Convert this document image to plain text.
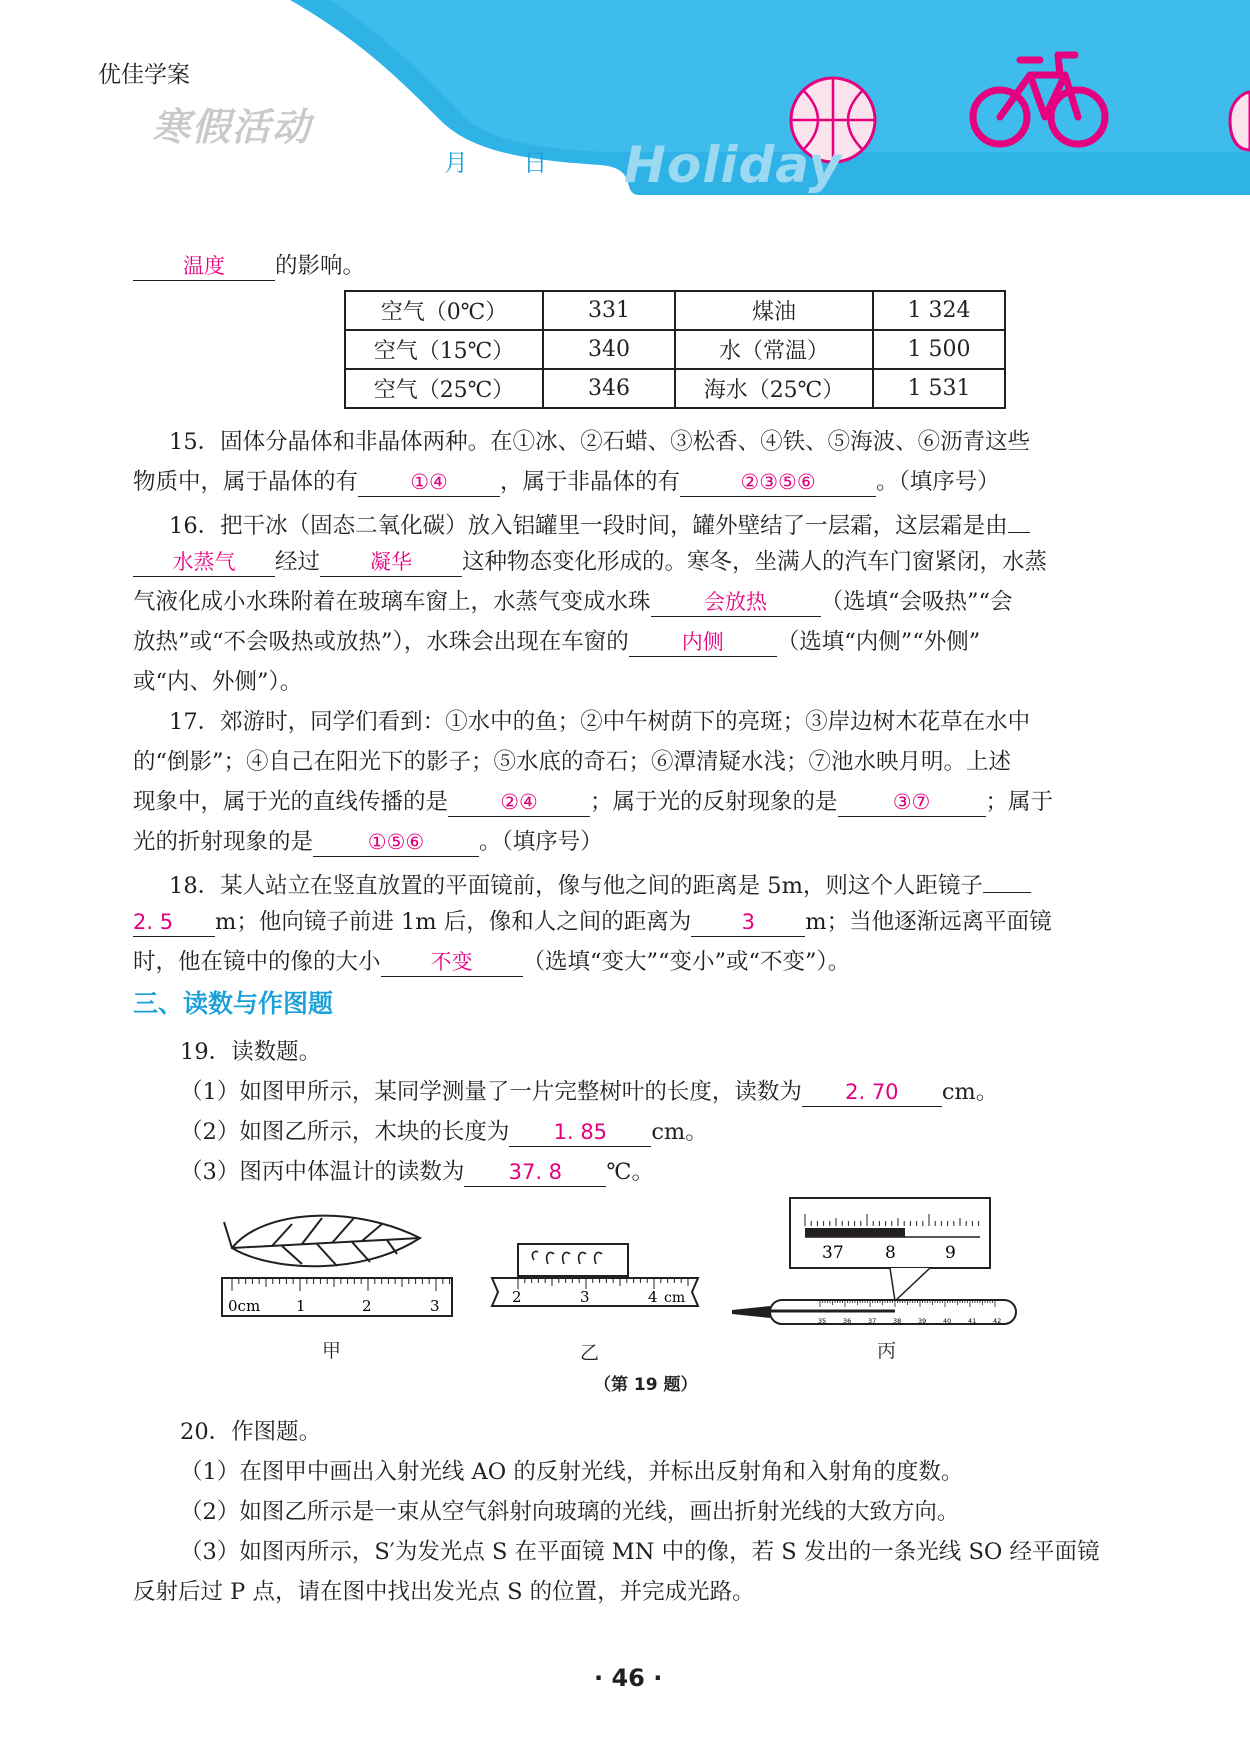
优佳学案
寒假活动
月 日 Holiday
温度 的影响。
空气（0℃）	331	煤油	1 324
空气（15℃）	340	水（常温）	1 500
空气（25℃）	346	海水（25℃）	1 531
15．固体分晶体和非晶体两种。在①冰、②石蜡、③松香、④铁、⑤海波、⑥沥青这些
物质中，属于晶体的有 ①④ ，属于非晶体的有	②③⑤⑥	。（填序号）
16．把干冰（固态二氧化碳）放入铝罐里一段时间，罐外壁结了一层霜，这层霜是由
水蒸气 经过 凝华 这种物态变化形成的。寒冬，坐满人的汽车门窗紧闭，水蒸
气液化成小水珠附着在玻璃车窗上，水蒸气变成水珠	会放热 （选填“会吸热”“会
放热”或“不会吸热或放热”），水珠会出现在车窗的	内侧 （选填“内侧”“外侧”
或“内、外侧”）。
17．郊游时，同学们看到：①水中的鱼；②中午树荫下的亮斑；③岸边树木花草在水中
的“倒影”；④自己在阳光下的影子；⑤水底的奇石；⑥潭清疑水浅；⑦池水映月明。上述
现象中，属于光的直线传播的是 ②④ ；属于光的反射现象的是	③⑦ ；属于
光的折射现象的是	①⑤⑥ 。（填序号）
18．某人站立在竖直放置的平面镜前，像与他之间的距离是 5m，则这个人距镜子
2. 5 m；他向镜子前进 1m 后，像和人之间的距离为 3 m；当他逐渐远离平面镜
时，他在镜中的像的大小 不变 （选填“变大”“变小”或“不变”）。
三、读数与作图题
19．读数题。
（1）如图甲所示，某同学测量了一片完整树叶的长度，读数为 2. 70 cm。
（2）如图乙所示，木块的长度为 1. 85 cm。
（3）图丙中体温计的读数为 37. 8 ℃。
0cm 1	2	3
甲
2	3	4 cm
乙
37 8	9
35	36	37	38	39	40	41	42
丙
（第 19 题）
20．作图题。
（1）在图甲中画出入射光线 AO 的反射光线，并标出反射角和入射角的度数。
（2）如图乙所示是一束从空气斜射向玻璃的光线，画出折射光线的大致方向。
（3）如图丙所示，S′为发光点 S 在平面镜 MN 中的像，若 S 发出的一条光线 SO 经平面镜
反射后过 P 点，请在图中找出发光点 S 的位置，并完成光路。
· 46 ·
